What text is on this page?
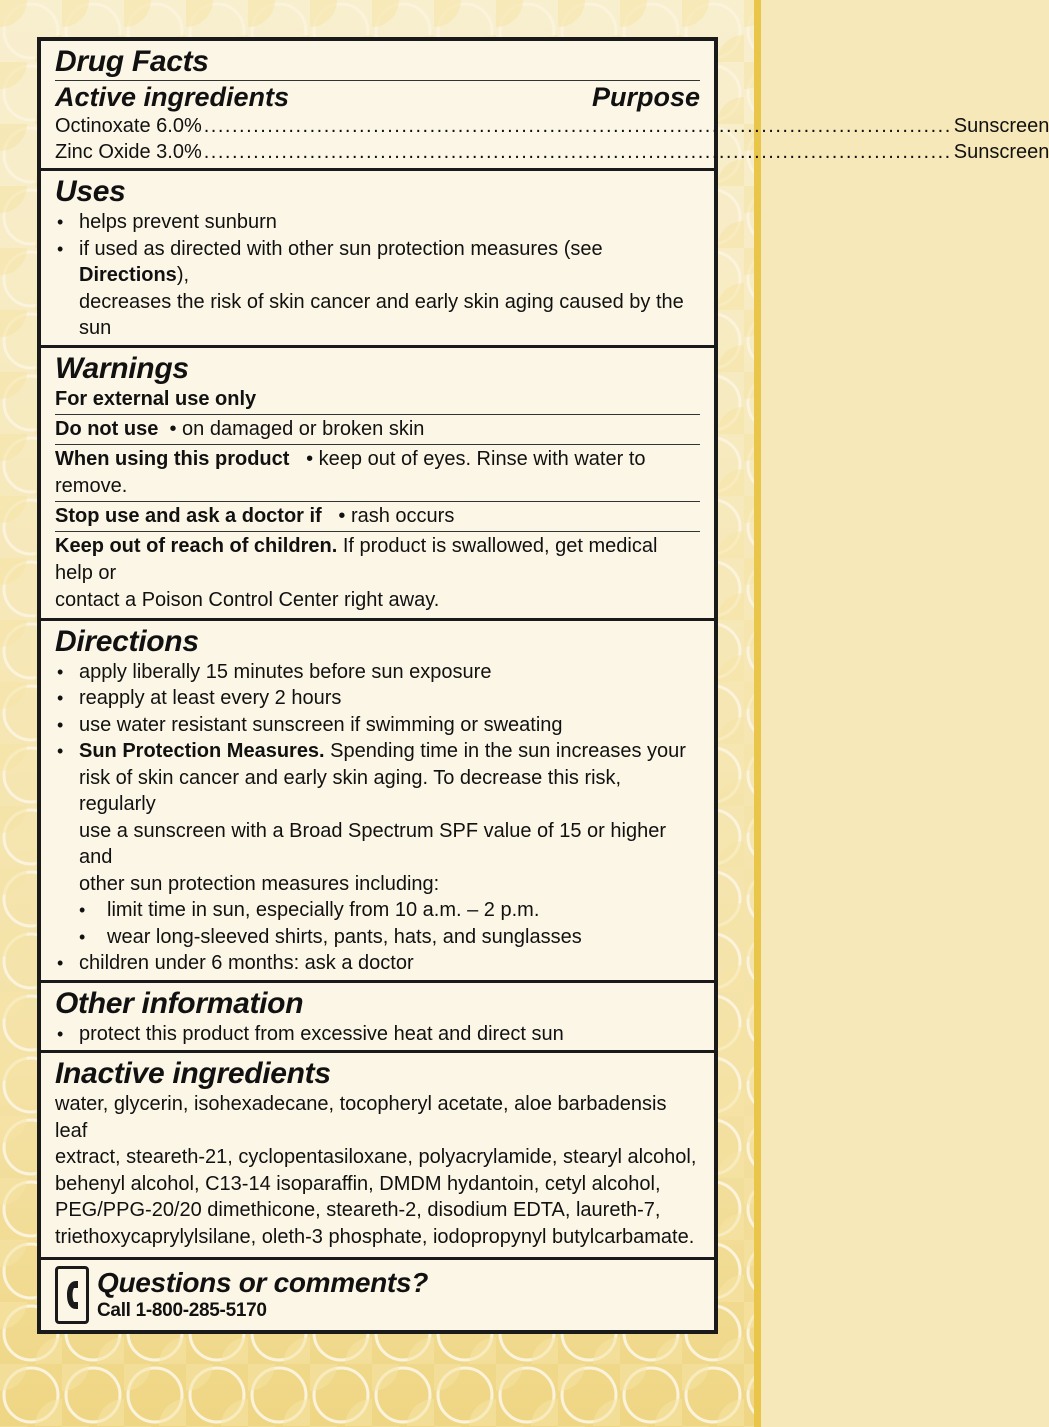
Drug Facts
Active ingredients	Purpose
Octinoxate 6.0% .......................................................................................................... Sunscreen
Zinc Oxide 3.0% .......................................................................................................... Sunscreen
Uses
• helps prevent sunburn
• if used as directed with other sun protection measures (see Directions),
decreases the risk of skin cancer and early skin aging caused by the sun
Warnings
For external use only
Do not use  • on damaged or broken skin
When using this product   • keep out of eyes. Rinse with water to remove.
Stop use and ask a doctor if   • rash occurs
Keep out of reach of children. If product is swallowed, get medical help or
contact a Poison Control Center right away.
Directions
• apply liberally 15 minutes before sun exposure
• reapply at least every 2 hours
• use water resistant sunscreen if swimming or sweating
• Sun Protection Measures. Spending time in the sun increases your
risk of skin cancer and early skin aging. To decrease this risk, regularly
use a sunscreen with a Broad Spectrum SPF value of 15 or higher and
other sun protection measures including:
•	limit time in sun, especially from 10 a.m. – 2 p.m.
•	wear long-sleeved shirts, pants, hats, and sunglasses
• children under 6 months: ask a doctor
Other information
• protect this product from excessive heat and direct sun
Inactive ingredients
water, glycerin, isohexadecane, tocopheryl acetate, aloe barbadensis leaf
extract, steareth-21, cyclopentasiloxane, polyacrylamide, stearyl alcohol,
behenyl alcohol, C13-14 isoparaffin, DMDM hydantoin, cetyl alcohol,
PEG/PPG-20/20 dimethicone, steareth-2, disodium EDTA, laureth-7,
triethoxycaprylylsilane, oleth-3 phosphate, iodopropynyl butylcarbamate.
Questions or comments?
Call 1-800-285-5170
